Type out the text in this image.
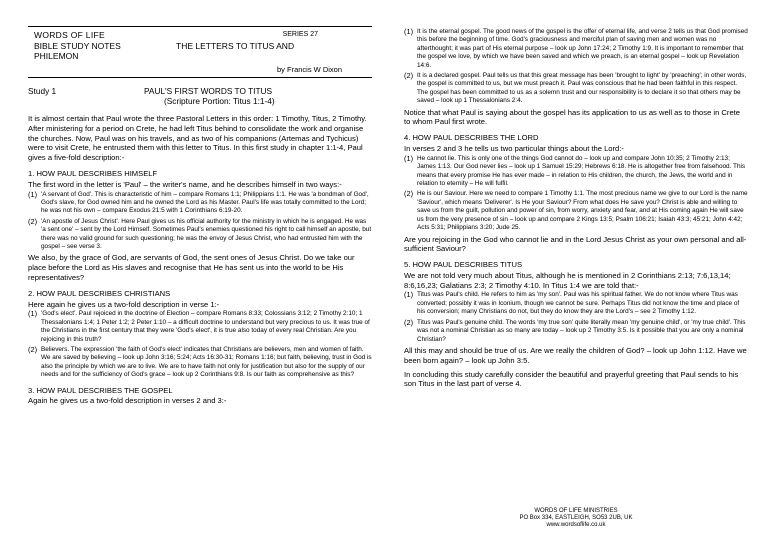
WORDS OF LIFE	SERIES 27
BIBLE STUDY NOTES	THE LETTERS TO TITUS AND
PHILEMON
by Francis W Dixon
Study 1	PAUL'S FIRST WORDS TO TITUS
(Scripture Portion: Titus 1:1-4)

It is almost certain that Paul wrote the three Pastoral Letters in this order: 1 Timothy, Titus, 2 Timothy. After ministering for a period on Crete, he had left Titus behind to consolidate the work and organise the churches. Now, Paul was on his travels, and as two of his companions (Artemas and Tychicus) were to visit Crete, he entrusted them with this letter to Titus. In this first study in chapter 1:1-4, Paul gives a five-fold description:-

1. HOW PAUL DESCRIBES HIMSELF

The first word in the letter is 'Paul' – the writer's name, and he describes himself in two ways:-

(1) 'A servant of God'. This is characteristic of him – compare Romans 1:1; Philippians 1:1. He was 'a bondman of God', God's slave, for God owned him and he owned the Lord as his Master. Paul's life was totally committed to the Lord; he was not his own – compare Exodus 21:5 with 1 Corinthians 6:19-20.
(2) 'An apostle of Jesus Christ'. Here Paul gives us his official authority for the ministry in which he is engaged. He was 'a sent one' – sent by the Lord Himself. Sometimes Paul's enemies questioned his right to call himself an apostle, but there was no valid ground for such questioning; he was the envoy of Jesus Christ, who had entrusted him with the gospel – see verse 3.

We also, by the grace of God, are servants of God, the sent ones of Jesus Christ. Do we take our place before the Lord as His slaves and recognise that He has sent us into the world to be His representatives?

2. HOW PAUL DESCRIBES CHRISTIANS

Here again he gives us a two-fold description in verse 1:-

(1) 'God's elect'. Paul rejoiced in the doctrine of Election – compare Romans 8:33; Colossians 3:12; 2 Timothy 2:10; 1 Thessalonians 1:4; 1 Peter 1:2; 2 Peter 1:10 – a difficult doctrine to understand but very precious to us. It was true of the Christians in the first century that they were 'God's elect', it is true also today of every real Christian. Are you rejoicing in this truth?
(2) Believers. The expression 'the faith of God's elect' indicates that Christians are believers, men and women of faith. We are saved by believing – look up John 3:16; 5:24; Acts 16:30-31; Romans 1:16; but faith, believing, trust in God is also the principle by which we are to live. We are to have faith not only for justification but also for the supply of our needs and for the sufficiency of God's grace – look up 2 Corinthians 9:8. Is our faith as comprehensive as this?
3. HOW PAUL DESCRIBES THE GOSPEL

Again he gives us a two-fold description in verses 2 and 3:-

(1) It is the eternal gospel. The good news of the gospel is the offer of eternal life, and verse 2 tells us that God promised this before the beginning of time. God's graciousness and merciful plan of saving men and women was no afterthought; it was part of His eternal purpose – look up John 17:24; 2 Timothy 1:9. It is important to remember that the gospel we love, by which we have been saved and which we preach, is an eternal gospel – look up Revelation 14:6.
(2) It is a declared gospel. Paul tells us that this great message has been 'brought to light' by 'preaching'; in other words, the gospel is committed to us, but we must preach it. Paul was conscious that he had been faithful in this respect. The gospel has been committed to us as a solemn trust and our responsibility is to declare it so that others may be saved – look up 1 Thessalonians 2:4.

Notice that what Paul is saying about the gospel has its application to us as well as to those in Crete to whom Paul first wrote.

4. HOW PAUL DESCRIBES THE LORD

In verses 2 and 3 he tells us two particular things about the Lord:-

(1) He cannot lie. This is only one of the things God cannot do – look up and compare John 10:35; 2 Timothy 2:13; James 1:13. Our God never lies – look up 1 Samuel 15:29; Hebrews 6:18. He is altogether free from falsehood. This means that every promise He has ever made – in relation to His children, the church, the Jews, the world and in relation to eternity – He will fulfil.
(2) He is our Saviour. Here we need to compare 1 Timothy 1:1. The most precious name we give to our Lord is the name 'Saviour', which means 'Deliverer'. Is He your Saviour? From what does He save you? Christ is able and willing to save us from the guilt, pollution and power of sin, from worry, anxiety and fear, and at His coming again He will save us from the very presence of sin – look up and compare 2 Kings 13:5; Psalm 106:21; Isaiah 43:3; 45:21; John 4:42; Acts 5:31; Philippians 3:20; Jude 25.

Are you rejoicing in the God who cannot lie and in the Lord Jesus Christ as your own personal and all-sufficient Saviour?

5. HOW PAUL DESCRIBES TITUS

We are not told very much about Titus, although he is mentioned in 2 Corinthians 2:13; 7:6,13,14; 8:6,16,23; Galatians 2:3; 2 Timothy 4:10. In Titus 1:4 we are told that:-

(1) Titus was Paul's child. He refers to him as 'my son'. Paul was his spiritual father. We do not know where Titus was converted; possibly it was in Iconium, though we cannot be sure. Perhaps Titus did not know the time and place of his conversion; many Christians do not, but they do know they are the Lord's – see 2 Timothy 1:12.
(2) Titus was Paul's genuine child. The words 'my true son' quite literally mean 'my genuine child', or 'my true child'. This was not a nominal Christian as so many are today – look up 2 Timothy 3:5. Is it possible that you are only a nominal Christian?

All this may and should be true of us. Are we really the children of God? – look up John 1:12. Have we been born again? – look up John 3:5.

In concluding this study carefully consider the beautiful and prayerful greeting that Paul sends to his son Titus in the last part of verse 4.

WORDS OF LIFE MINISTRIES
PO Box 334, EASTLEIGH, SO53 2UB, UK
www.wordsoflife.co.uk
